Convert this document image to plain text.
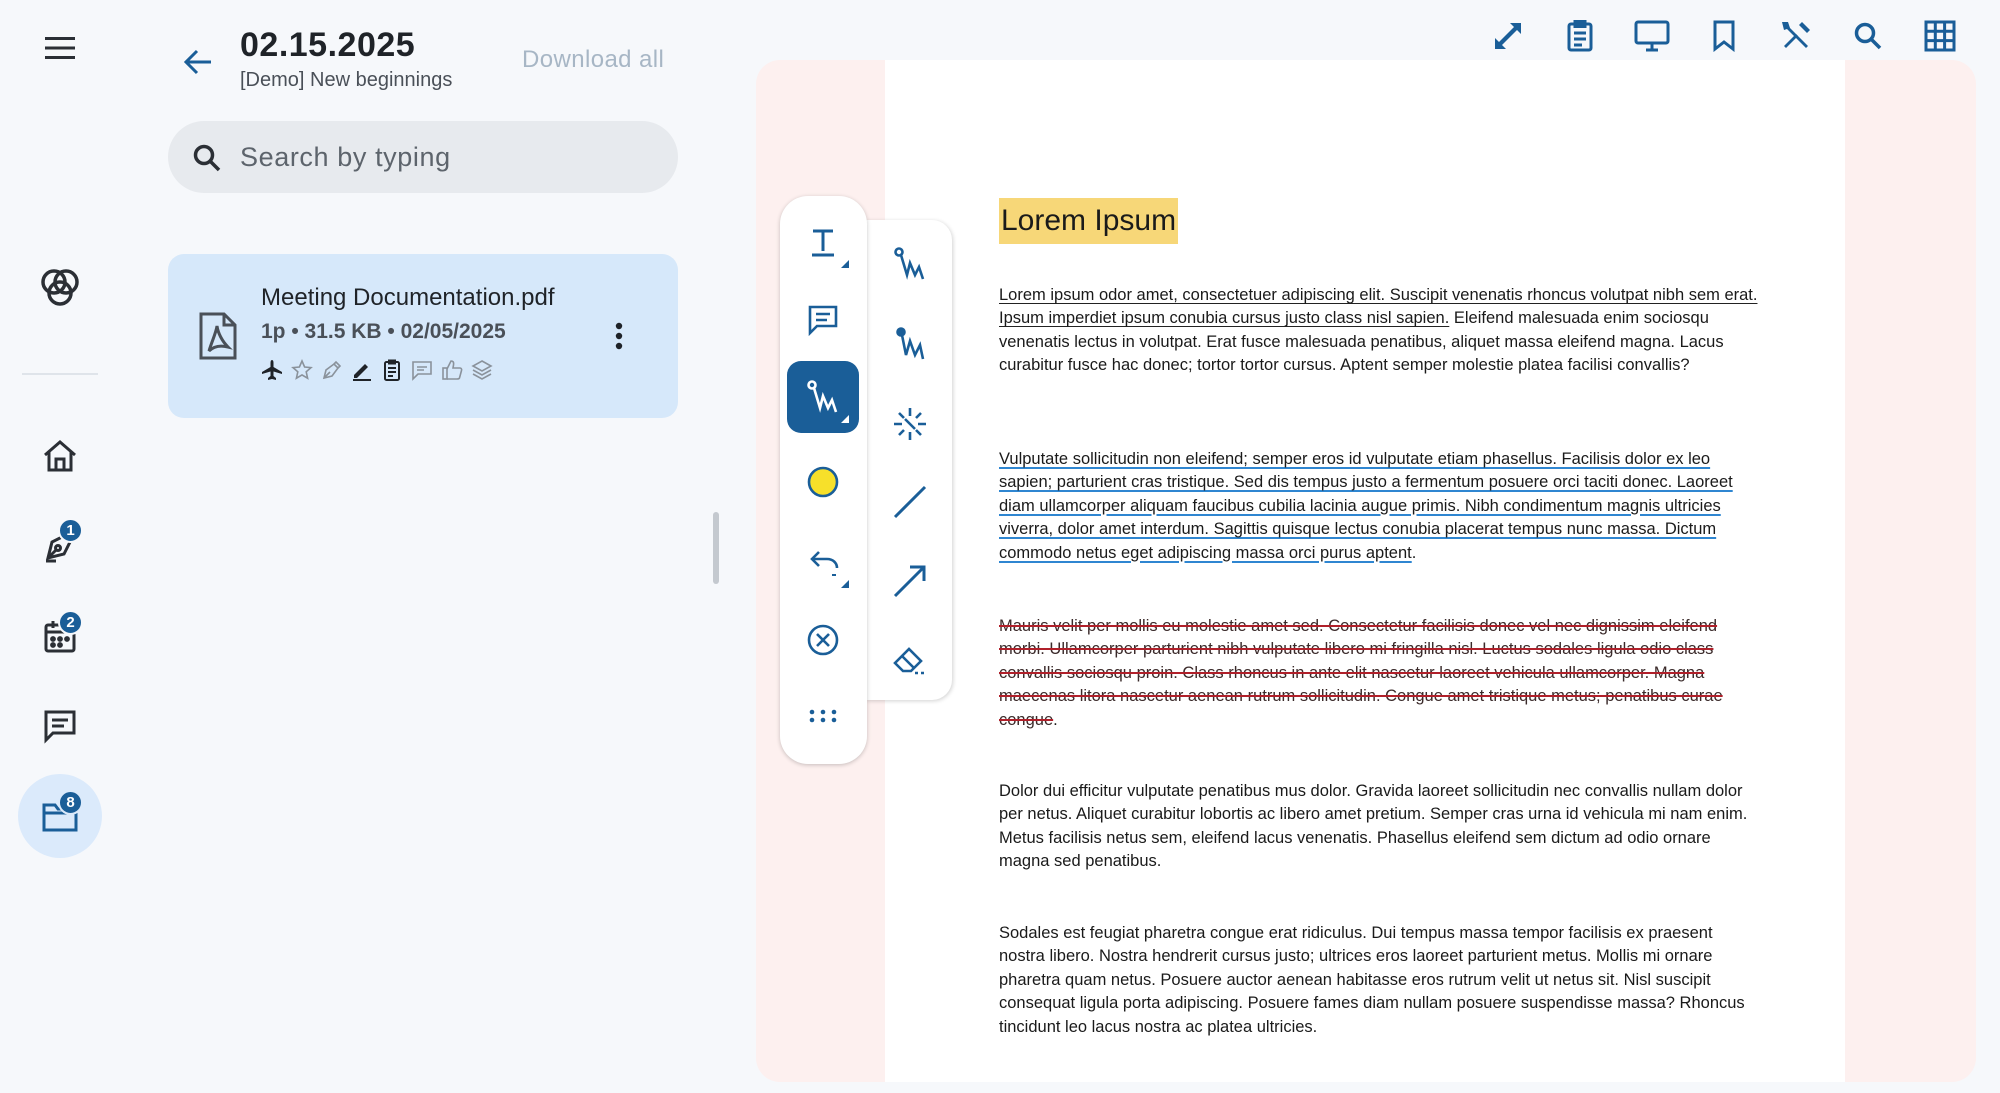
1
2
8
02.15.2025
[Demo] New beginnings
Download all
Search by typing
Meeting Documentation.pdf
1p • 31.5 KB • 02/05/2025
Lorem Ipsum
Lorem ipsum odor amet, consectetuer adipiscing elit. Suscipit venenatis rhoncus volutpat nibh sem erat. Ipsum imperdiet ipsum conubia cursus justo class nisl sapien. Eleifend malesuada enim sociosqu venenatis lectus in volutpat. Erat fusce malesuada penatibus, aliquet massa eleifend magna. Lacus curabitur fusce hac donec; tortor tortor cursus. Aptent semper molestie platea facilisi convallis?
Vulputate sollicitudin non eleifend; semper eros id vulputate etiam phasellus. Facilisis dolor ex leo sapien; parturient cras tristique. Sed dis tempus justo a fermentum posuere orci taciti donec. Laoreet diam ullamcorper aliquam faucibus cubilia lacinia augue primis. Nibh condimentum magnis ultricies viverra, dolor amet interdum. Sagittis quisque lectus conubia placerat tempus nunc massa. Dictum commodo netus eget adipiscing massa orci purus aptent.
Mauris velit per mollis eu molestie amet sed. Consectetur facilisis donec vel nec dignissim eleifend morbi. Ullamcorper parturient nibh vulputate libero mi fringilla nisl. Luctus sodales ligula odio class convallis sociosqu proin. Class rhoncus in ante elit nascetur laoreet vehicula ullamcorper. Magna maecenas litora nascetur aenean rutrum sollicitudin. Congue amet tristique metus; penatibus curae congue.
Dolor dui efficitur vulputate penatibus mus dolor. Gravida laoreet sollicitudin nec convallis nullam dolor per netus. Aliquet curabitur lobortis ac libero amet pretium. Semper cras urna id vehicula mi nam enim. Metus facilisis netus sem, eleifend lacus venenatis. Phasellus eleifend sem dictum ad odio ornare magna sed penatibus.
Sodales est feugiat pharetra congue erat ridiculus. Dui tempus massa tempor facilisis ex praesent nostra libero. Nostra hendrerit cursus justo; ultrices eros laoreet parturient metus. Mollis mi ornare pharetra quam netus. Posuere auctor aenean habitasse eros rutrum velit ut netus sit. Nisl suscipit consequat ligula porta adipiscing. Posuere fames diam nullam posuere suspendisse massa? Rhoncus tincidunt leo lacus nostra ac platea ultricies.
